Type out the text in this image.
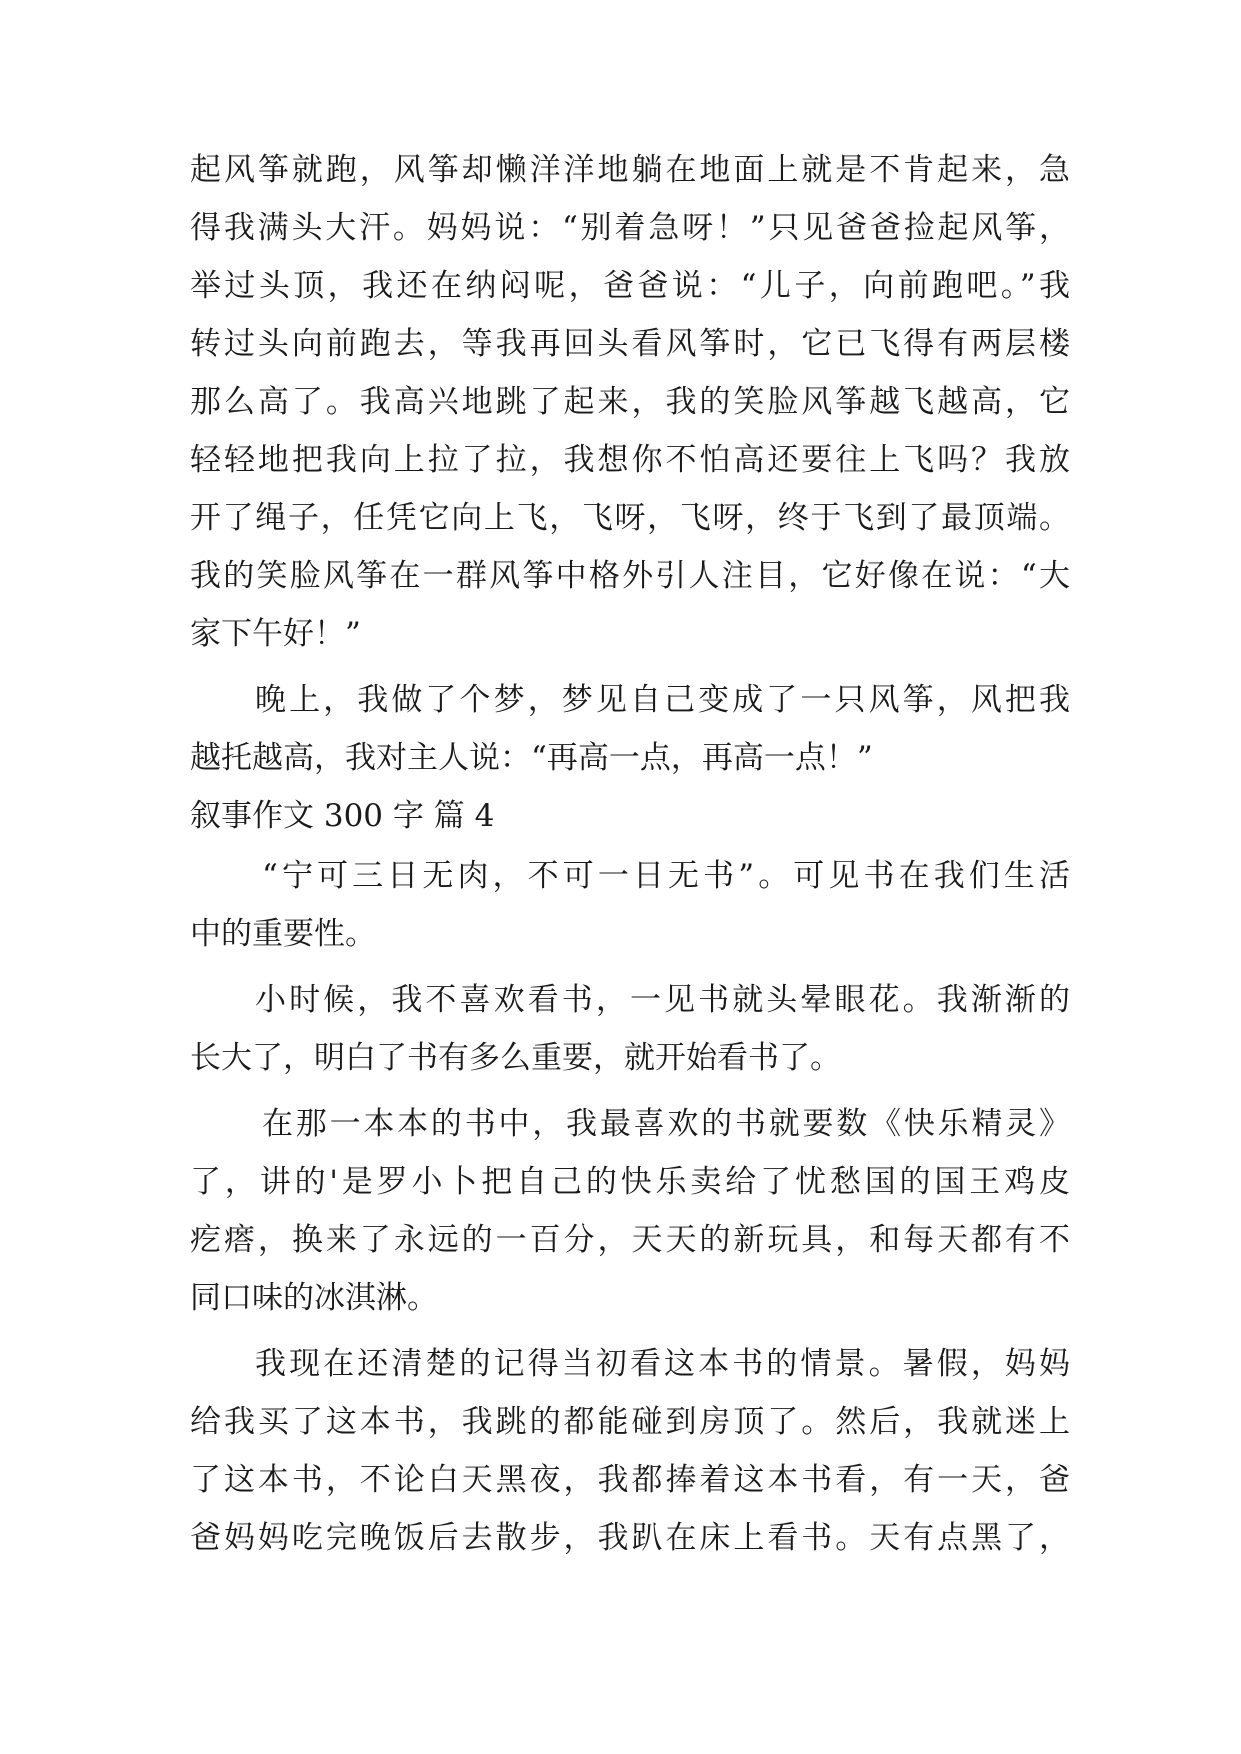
起风筝就跑，风筝却懒洋洋地躺在地面上就是不肯起来，急
得我满头大汗。妈妈说：“别着急呀！”只见爸爸捡起风筝，
举过头顶，我还在纳闷呢，爸爸说：“儿子，向前跑吧。”我
转过头向前跑去，等我再回头看风筝时，它已飞得有两层楼
那么高了。我高兴地跳了起来，我的笑脸风筝越飞越高，它
轻轻地把我向上拉了拉，我想你不怕高还要往上飞吗？我放
开了绳子，任凭它向上飞，飞呀，飞呀，终于飞到了最顶端。
我的笑脸风筝在一群风筝中格外引人注目，它好像在说：“大
家下午好！”
晚上，我做了个梦，梦见自己变成了一只风筝，风把我
越托越高，我对主人说：“再高一点，再高一点！”
叙事作文 300 字 篇 4
“宁可三日无肉，不可一日无书”。可见书在我们生活
中的重要性。
小时候，我不喜欢看书，一见书就头晕眼花。我渐渐的
长大了，明白了书有多么重要，就开始看书了。
在那一本本的书中，我最喜欢的书就要数《快乐精灵》
了，讲的'是罗小卜把自己的快乐卖给了忧愁国的国王鸡皮
疙瘩，换来了永远的一百分，天天的新玩具，和每天都有不
同口味的冰淇淋。
我现在还清楚的记得当初看这本书的情景。暑假，妈妈
给我买了这本书，我跳的都能碰到房顶了。然后，我就迷上
了这本书，不论白天黑夜，我都捧着这本书看，有一天，爸
爸妈妈吃完晚饭后去散步，我趴在床上看书。天有点黑了，
